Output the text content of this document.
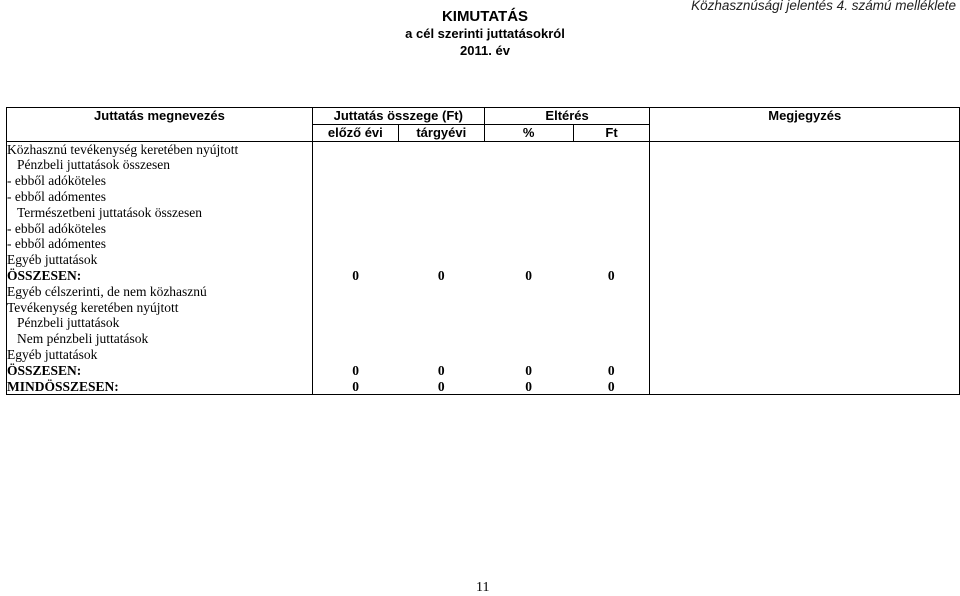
Közhasznúsági jelentés 4. számú melléklete
KIMUTATÁS
a cél szerinti juttatásokról
2011. év
Juttatás megnevezés	Juttatás összege (Ft)		Eltérés		Megjegyzés
	előző évi	tárgyévi	%	Ft	
Közhasznú tevékenység keretében nyújtott					
Pénzbeli juttatások összesen					
- ebből adóköteles					
- ebből adómentes					
Természetbeni juttatások összesen					
- ebből adóköteles					
- ebből adómentes					
Egyéb juttatások					
ÖSSZESEN:	0	0	0	0	
Egyéb célszerinti, de nem közhasznú					
Tevékenység keretében nyújtott					
Pénzbeli juttatások					
Nem pénzbeli juttatások					
Egyéb juttatások					
ÖSSZESEN:	0	0	0	0	
MINDÖSSZESEN:	0	0	0	0	
11
